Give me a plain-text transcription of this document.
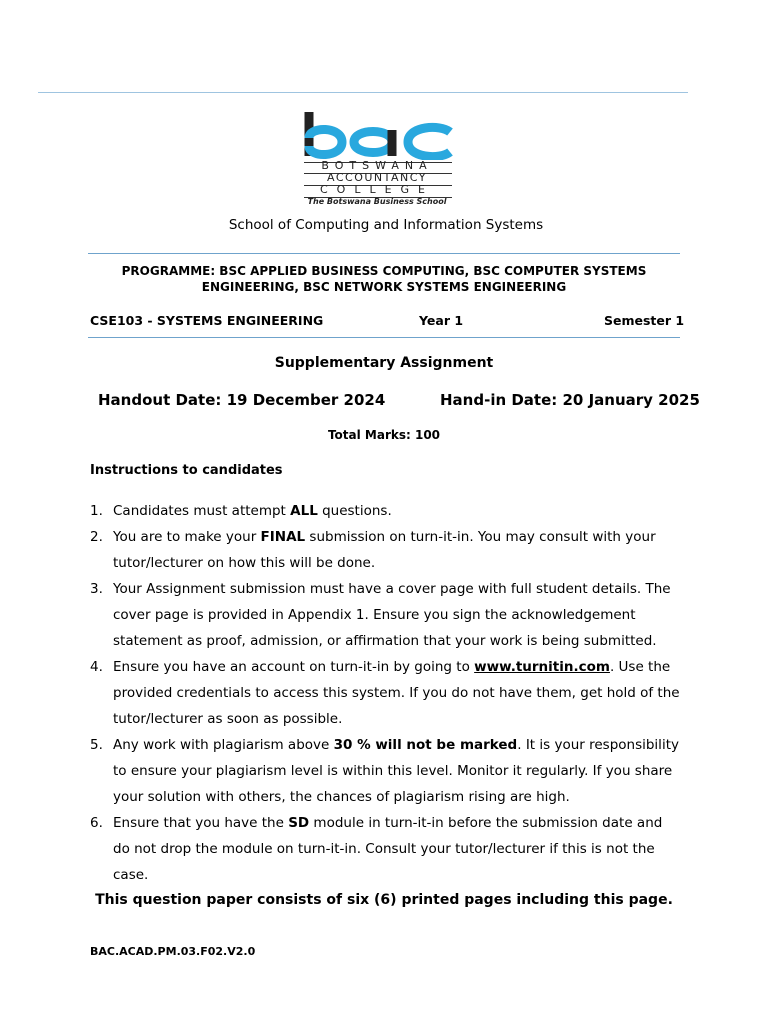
BOTSWANA
ACCOUNTANCY
COLLEGE
The Botswana Business School
School of Computing and Information Systems
PROGRAMME: BSC APPLIED BUSINESS COMPUTING, BSC COMPUTER SYSTEMS
ENGINEERING, BSC NETWORK SYSTEMS ENGINEERING
CSE103 - SYSTEMS ENGINEERING	Year 1	Semester 1
Supplementary Assignment
Handout Date: 19 December 2024	Hand-in Date: 20 January 2025
Total Marks: 100
Instructions to candidates
1. Candidates must attempt ALL questions.
2. You are to make your FINAL submission on turn-it-in. You may consult with your tutor/lecturer on how this will be done.
3. Your Assignment submission must have a cover page with full student details. The cover page is provided in Appendix 1. Ensure you sign the acknowledgement statement as proof, admission, or affirmation that your work is being submitted.
4. Ensure you have an account on turn-it-in by going to www.turnitin.com. Use the provided credentials to access this system. If you do not have them, get hold of the tutor/lecturer as soon as possible.
5. Any work with plagiarism above 30 % will not be marked. It is your responsibility to ensure your plagiarism level is within this level. Monitor it regularly. If you share your solution with others, the chances of plagiarism rising are high.
6. Ensure that you have the SD module in turn-it-in before the submission date and do not drop the module on turn-it-in. Consult your tutor/lecturer if this is not the case.
This question paper consists of six (6) printed pages including this page.
BAC.ACAD.PM.03.F02.V2.0
